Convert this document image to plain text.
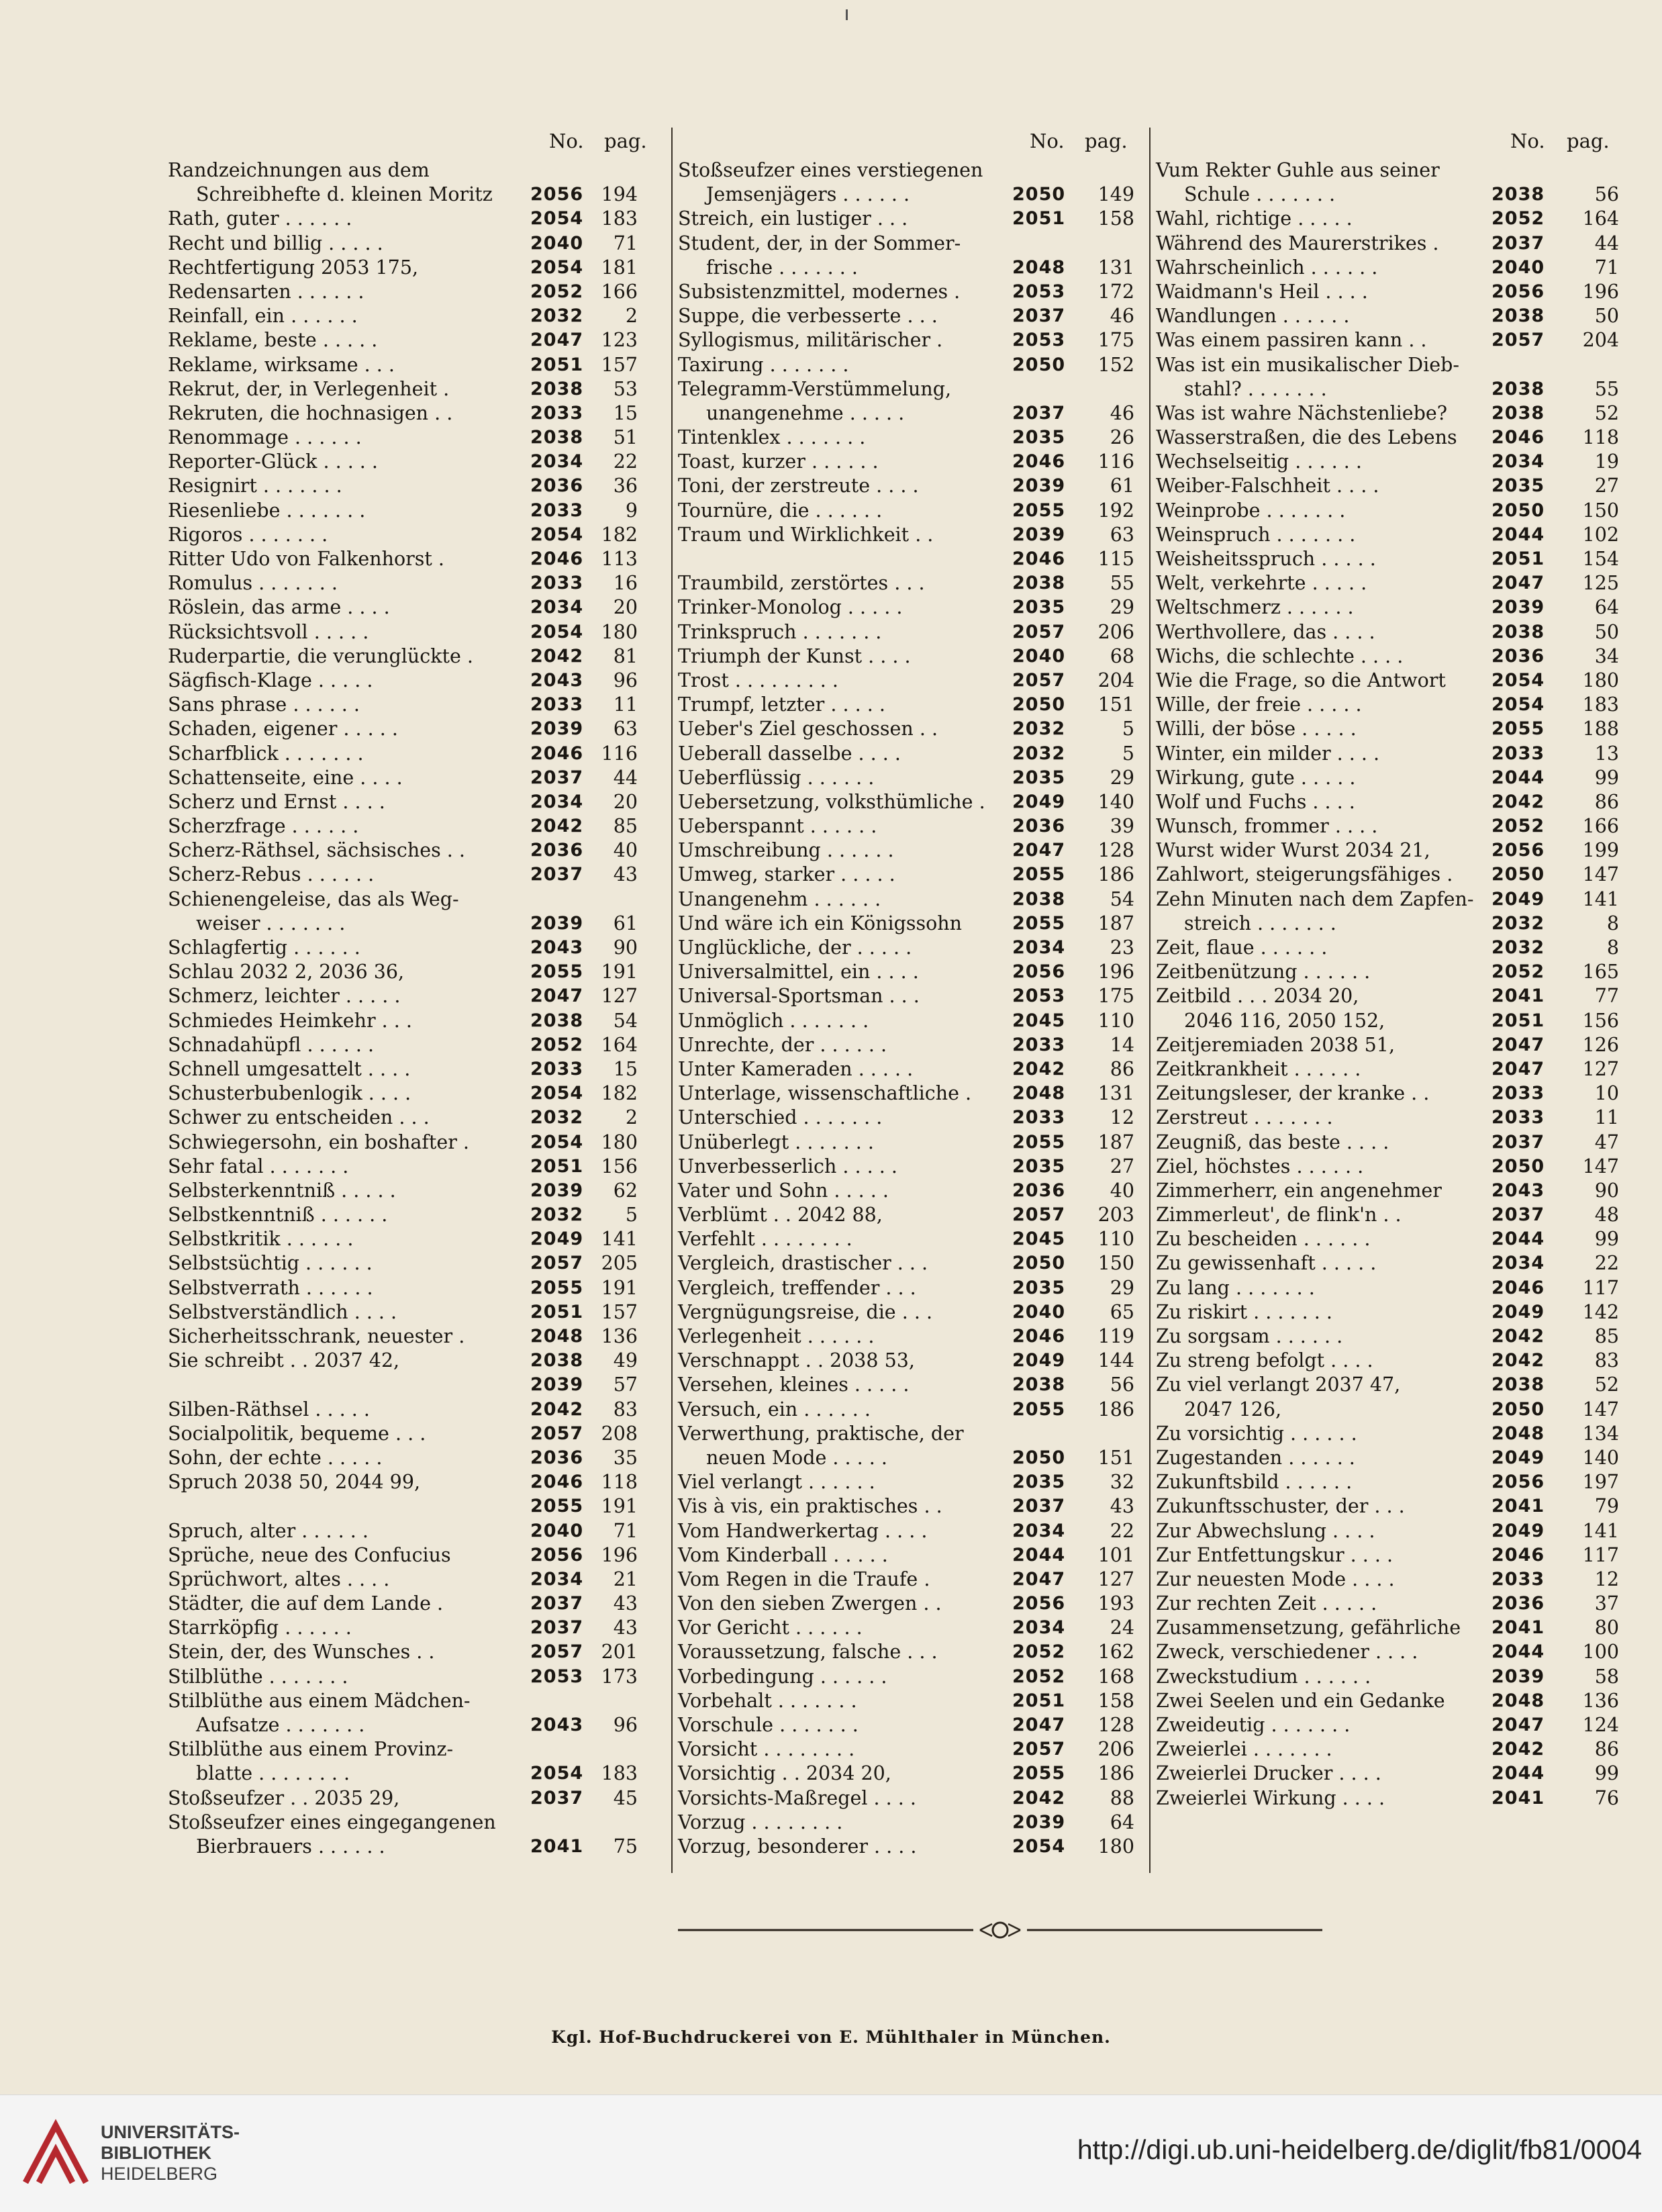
No. pag.
Randzeichnungen aus dem
Schreibhefte d. kleinen Moritz 2056 194
Rath, guter . . . . . .	2054 183
Recht und billig . . . . .	2040	71
Rechtfertigung 2053 175,	2054 181
Redensarten . . . . . .	2052 166
Reinfall, ein . . . . . .	2032	2
Reklame, beste . . . . .	2047 123
Reklame, wirksame . . .	2051 157
Rekrut, der, in Verlegenheit .	2038	53
Rekruten, die hochnasigen . .	2033	15
Renommage . . . . . .	2038	51
Reporter-Glück . . . . .	2034	22
Resignirt . . . . . . .	2036	36
Riesenliebe . . . . . . .	2033	9
Rigoros . . . . . . .	2054 182
Ritter Udo von Falkenhorst .	2046 113
Romulus . . . . . . .	2033	16
Röslein, das arme . . . .	2034	20
Rücksichtsvoll . . . . .	2054 180
Ruderpartie, die verunglückte .	2042	81
Sägfisch-Klage . . . . .	2043	96
Sans phrase . . . . . .	2033	11
Schaden, eigener . . . . .	2039	63
Scharfblick . . . . . . .	2046 116
Schattenseite, eine . . . .	2037	44
Scherz und Ernst . . . .	2034	20
Scherzfrage . . . . . .	2042	85
Scherz-Räthsel, sächsisches . .	2036	40
Scherz-Rebus . . . . . .	2037	43
Schienengeleise, das als Weg-
weiser . . . . . . .	2039	61
Schlagfertig . . . . . .	2043	90
Schlau 2032 2, 2036 36,	2055 191
Schmerz, leichter . . . . .	2047 127
Schmiedes Heimkehr . . .	2038	54
Schnadahüpfl . . . . . .	2052 164
Schnell umgesattelt . . . .	2033	15
Schusterbubenlogik . . . .	2054 182
Schwer zu entscheiden . . .	2032	2
Schwiegersohn, ein boshafter .	2054 180
Sehr fatal . . . . . . .	2051 156
Selbsterkenntniß . . . . .	2039	62
Selbstkenntniß . . . . . .	2032	5
Selbstkritik . . . . . .	2049 141
Selbstsüchtig . . . . . .	2057 205
Selbstverrath . . . . . .	2055 191
Selbstverständlich . . . .	2051 157
Sicherheitsschrank, neuester .	2048 136
Sie schreibt . . 2037 42,	2038	49
2039	57
Silben-Räthsel . . . . .	2042	83
Socialpolitik, bequeme . . .	2057 208
Sohn, der echte . . . . .	2036	35
Spruch 2038 50, 2044 99,	2046 118
2055 191
Spruch, alter . . . . . .	2040	71
Sprüche, neue des Confucius	2056 196
Sprüchwort, altes . . . .	2034	21
Städter, die auf dem Lande .	2037	43
Starrköpfig . . . . . .	2037	43
Stein, der, des Wunsches . .	2057 201
Stilblüthe . . . . . . .	2053 173
Stilblüthe aus einem Mädchen-
Aufsatze . . . . . . .	2043	96
Stilblüthe aus einem Provinz-
blatte . . . . . . . .	2054 183
Stoßseufzer . . 2035 29,	2037	45
Stoßseufzer eines eingegangenen
Bierbrauers . . . . . .	2041	75
No. pag.
Stoßseufzer eines verstiegenen
Jemsenjägers . . . . . .	2050	149
Streich, ein lustiger . . .	2051	158
Student, der, in der Sommer-
frische . . . . . . .	2048	131
Subsistenzmittel, modernes .	2053	172
Suppe, die verbesserte . . .	2037	46
Syllogismus, militärischer .	2053	175
Taxirung . . . . . . .	2050	152
Telegramm-Verstümmelung,
unangenehme . . . . .	2037	46
Tintenklex . . . . . . .	2035	26
Toast, kurzer . . . . . .	2046	116
Toni, der zerstreute . . . .	2039	61
Tournüre, die . . . . . .	2055	192
Traum und Wirklichkeit . .	2039	63
2046	115
Traumbild, zerstörtes . . .	2038	55
Trinker-Monolog . . . . .	2035	29
Trinkspruch . . . . . . .	2057	206
Triumph der Kunst . . . .	2040	68
Trost . . . . . . . . .	2057	204
Trumpf, letzter . . . . .	2050	151
Ueber's Ziel geschossen . .	2032	5
Ueberall dasselbe . . . .	2032	5
Ueberflüssig . . . . . .	2035	29
Uebersetzung, volksthümliche . 2049	140
Ueberspannt . . . . . .	2036	39
Umschreibung . . . . . .	2047	128
Umweg, starker . . . . .	2055	186
Unangenehm . . . . . .	2038	54
Und wäre ich ein Königssohn	2055	187
Unglückliche, der . . . . .	2034	23
Universalmittel, ein . . . .	2056	196
Universal-Sportsman . . .	2053	175
Unmöglich . . . . . . .	2045	110
Unrechte, der . . . . . .	2033	14
Unter Kameraden . . . . .	2042	86
Unterlage, wissenschaftliche . 2048	131
Unterschied . . . . . . .	2033	12
Unüberlegt . . . . . . .	2055	187
Unverbesserlich . . . . .	2035	27
Vater und Sohn . . . . .	2036	40
Verblümt . . 2042 88,	2057	203
Verfehlt . . . . . . . .	2045	110
Vergleich, drastischer . . .	2050	150
Vergleich, treffender . . .	2035	29
Vergnügungsreise, die . . .	2040	65
Verlegenheit . . . . . .	2046	119
Verschnappt . . 2038 53,	2049	144
Versehen, kleines . . . . .	2038	56
Versuch, ein . . . . . .	2055	186
Verwerthung, praktische, der
neuen Mode . . . . .	2050	151
Viel verlangt . . . . . .	2035	32
Vis à vis, ein praktisches . .	2037	43
Vom Handwerkertag . . . .	2034	22
Vom Kinderball . . . . .	2044	101
Vom Regen in die Traufe .	2047	127
Von den sieben Zwergen . .	2056	193
Vor Gericht . . . . . .	2034	24
Voraussetzung, falsche . . .	2052	162
Vorbedingung . . . . . .	2052	168
Vorbehalt . . . . . . .	2051	158
Vorschule . . . . . . .	2047	128
Vorsicht . . . . . . . .	2057	206
Vorsichtig . . 2034 20,	2055	186
Vorsichts-Maßregel . . . .	2042	88
Vorzug . . . . . . . .	2039	64
Vorzug, besonderer . . . .	2054	180
No. pag.
Vum Rekter Guhle aus seiner
Schule . . . . . . .	2038	56
Wahl, richtige . . . . .	2052	164
Während des Maurerstrikes .	2037	44
Wahrscheinlich . . . . . .	2040	71
Waidmann's Heil . . . .	2056	196
Wandlungen . . . . . .	2038	50
Was einem passiren kann . .	2057	204
Was ist ein musikalischer Dieb-
stahl? . . . . . . .	2038	55
Was ist wahre Nächstenliebe? 2038	52
Wasserstraßen, die des Lebens 2046	118
Wechselseitig . . . . . .	2034	19
Weiber-Falschheit . . . .	2035	27
Weinprobe . . . . . . .	2050	150
Weinspruch . . . . . . .	2044	102
Weisheitsspruch . . . . .	2051	154
Welt, verkehrte . . . . .	2047	125
Weltschmerz . . . . . .	2039	64
Werthvollere, das . . . .	2038	50
Wichs, die schlechte . . . .	2036	34
Wie die Frage, so die Antwort	2054	180
Wille, der freie . . . . .	2054	183
Willi, der böse . . . . .	2055	188
Winter, ein milder . . . .	2033	13
Wirkung, gute . . . . .	2044	99
Wolf und Fuchs . . . .	2042	86
Wunsch, frommer . . . .	2052	166
Wurst wider Wurst 2034 21,	2056	199
Zahlwort, steigerungsfähiges . 2050	147
Zehn Minuten nach dem Zapfen- 2049	141
streich . . . . . . .	2032	8
Zeit, flaue . . . . . .	2032	8
Zeitbenützung . . . . . .	2052	165
Zeitbild . . . 2034 20,	2041	77
2046 116, 2050 152,	2051	156
Zeitjeremiaden 2038 51,	2047	126
Zeitkrankheit . . . . . .	2047	127
Zeitungsleser, der kranke . .	2033	10
Zerstreut . . . . . . .	2033	11
Zeugniß, das beste . . . .	2037	47
Ziel, höchstes . . . . . .	2050	147
Zimmerherr, ein angenehmer	2043	90
Zimmerleut', de flink'n . .	2037	48
Zu bescheiden . . . . . .	2044	99
Zu gewissenhaft . . . . .	2034	22
Zu lang . . . . . . .	2046	117
Zu riskirt . . . . . . .	2049	142
Zu sorgsam . . . . . .	2042	85
Zu streng befolgt . . . .	2042	83
Zu viel verlangt 2037 47,	2038	52
2047 126,	2050	147
Zu vorsichtig . . . . . .	2048	134
Zugestanden . . . . . .	2049	140
Zukunftsbild . . . . . .	2056	197
Zukunftsschuster, der . . .	2041	79
Zur Abwechslung . . . .	2049	141
Zur Entfettungskur . . . .	2046	117
Zur neuesten Mode . . . .	2033	12
Zur rechten Zeit . . . . .	2036	37
Zusammensetzung, gefährliche 2041	80
Zweck, verschiedener . . . .	2044	100
Zweckstudium . . . . . .	2039	58
Zwei Seelen und ein Gedanke	2048	136
Zweideutig . . . . . . .	2047	124
Zweierlei . . . . . . .	2042	86
Zweierlei Drucker . . . .	2044	99
Zweierlei Wirkung . . . .	2041	76
Kgl. Hof-Buchdruckerei von E. Mühlthaler in München.
UNIVERSITÄTS-
BIBLIOTHEK
HEIDELBERG
http://digi.ub.uni-heidelberg.de/diglit/fb81/0004
